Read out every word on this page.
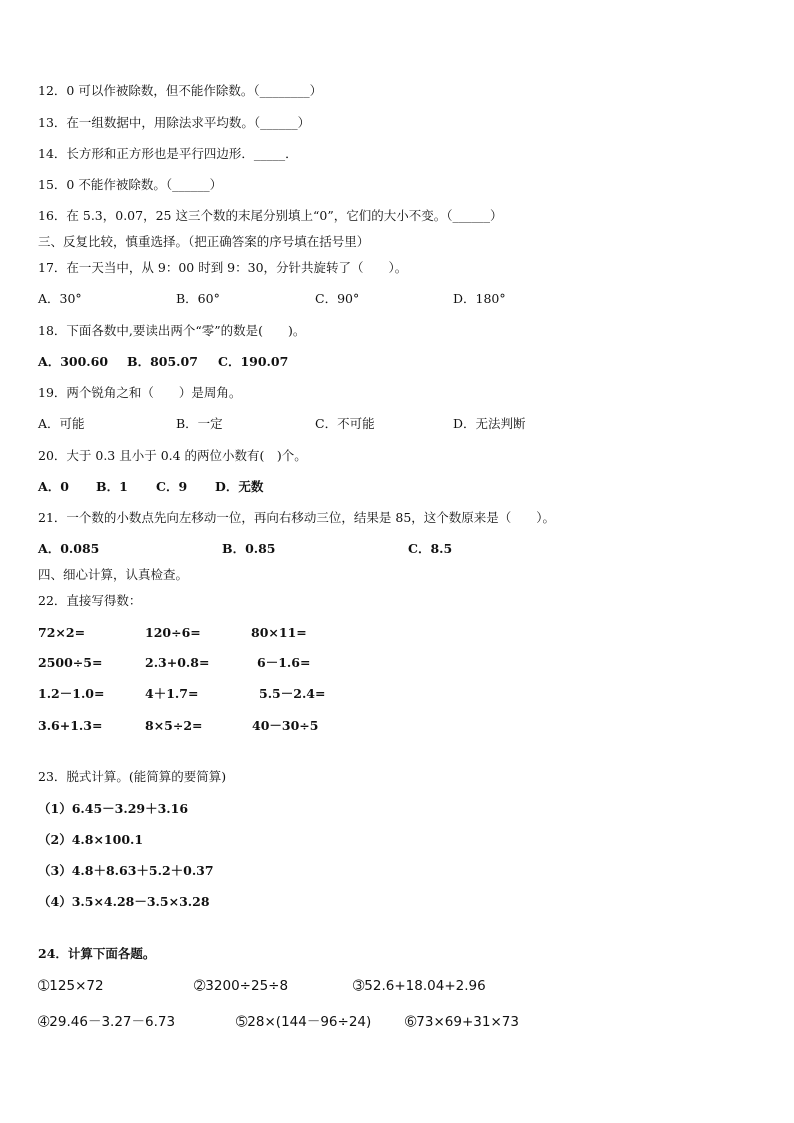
12．0 可以作被除数，但不能作除数。（________）
13．在一组数据中，用除法求平均数。（______）
14．长方形和正方形也是平行四边形．_____．
15．0 不能作被除数。（______）
16．在 5.3，0.07，25 这三个数的末尾分别填上“0”，它们的大小不变。（______）
三、反复比较，慎重选择。（把正确答案的序号填在括号里）
17．在一天当中，从 9：00 时到 9：30，分针共旋转了（　　）。
A．30°	B．60°	C．90°	D．180°
18．下面各数中,要读出两个“零”的数是(　　)。
A．300.60 B．805.07 C．190.07
19．两个锐角之和（　　）是周角。
A．可能	B．一定	C．不可能	D．无法判断
20．大于 0.3 且小于 0.4 的两位小数有(　)个。
A．0 B．1 C．9 D．无数
21．一个数的小数点先向左移动一位，再向右移动三位，结果是 85，这个数原来是（　　）。
A．0.085	B．0.85	C．8.5
四、细心计算，认真检查。
22．直接写得数：
72×2=	120÷6=	80×11=
2500÷5=	2.3+0.8=	6－1.6=
1.2－1.0=	4＋1.7=	5.5－2.4=
3.6+1.3=	8×5÷2=	40－30÷5
23．脱式计算。(能简算的要简算)
（1）6.45－3.29＋3.16
（2）4.8×100.1
（3）4.8＋8.63＋5.2＋0.37
（4）3.5×4.28－3.5×3.28
24．计算下面各题。
➀125×72	➁3200÷25÷8	➂52.6+18.04+2.96
➃29.46－3.27－6.73	➄28×(144－96÷24) ➅73×69+31×73
